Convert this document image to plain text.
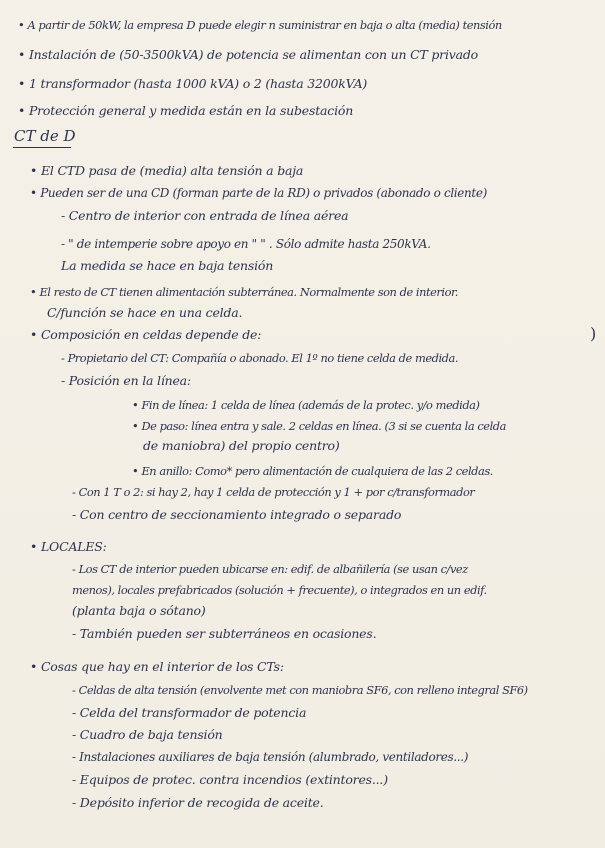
• A partir de 50kW, la empresa D puede elegir n suministrar en baja o alta (media) tensión
• Instalación de (50-3500kVA) de potencia se alimentan con un CT privado
• 1 transformador (hasta 1000 kVA) o 2 (hasta 3200kVA)
• Protección general y medida están en la subestación
CT de D
• El CTD pasa de (media) alta tensión a baja
• Pueden ser de una CD (forman parte de la RD) o privados (abonado o cliente)
- Centro de interior con entrada de línea aérea
- " de intemperie sobre apoyo en " " . Sólo admite hasta 250kVA.
La medida se hace en baja tensión
• El resto de CT tienen alimentación subterránea. Normalmente son de interior.
C/función se hace en una celda.
• Composición en celdas depende de:	)
- Propietario del CT: Compañía o abonado. El 1º no tiene celda de medida.
- Posición en la línea:
• Fin de línea: 1 celda de línea (además de la protec. y/o medida)
• De paso: línea entra y sale. 2 celdas en línea. (3 si se cuenta la celda
de maniobra) del propio centro)
• En anillo: Como* pero alimentación de cualquiera de las 2 celdas.
- Con 1 T o 2: si hay 2, hay 1 celda de protección y 1 + por c/transformador
- Con centro de seccionamiento integrado o separado
• LOCALES:
- Los CT de interior pueden ubicarse en: edif. de albañilería (se usan c/vez
menos), locales prefabricados (solución + frecuente), o integrados en un edif.
(planta baja o sótano)
- También pueden ser subterráneos en ocasiones.
• Cosas que hay en el interior de los CTs:
- Celdas de alta tensión (envolvente met con maniobra SF6, con relleno integral SF6)
- Celda del transformador de potencia
- Cuadro de baja tensión
- Instalaciones auxiliares de baja tensión (alumbrado, ventiladores...)
- Equipos de protec. contra incendios (extintores...)
- Depósito inferior de recogida de aceite.
